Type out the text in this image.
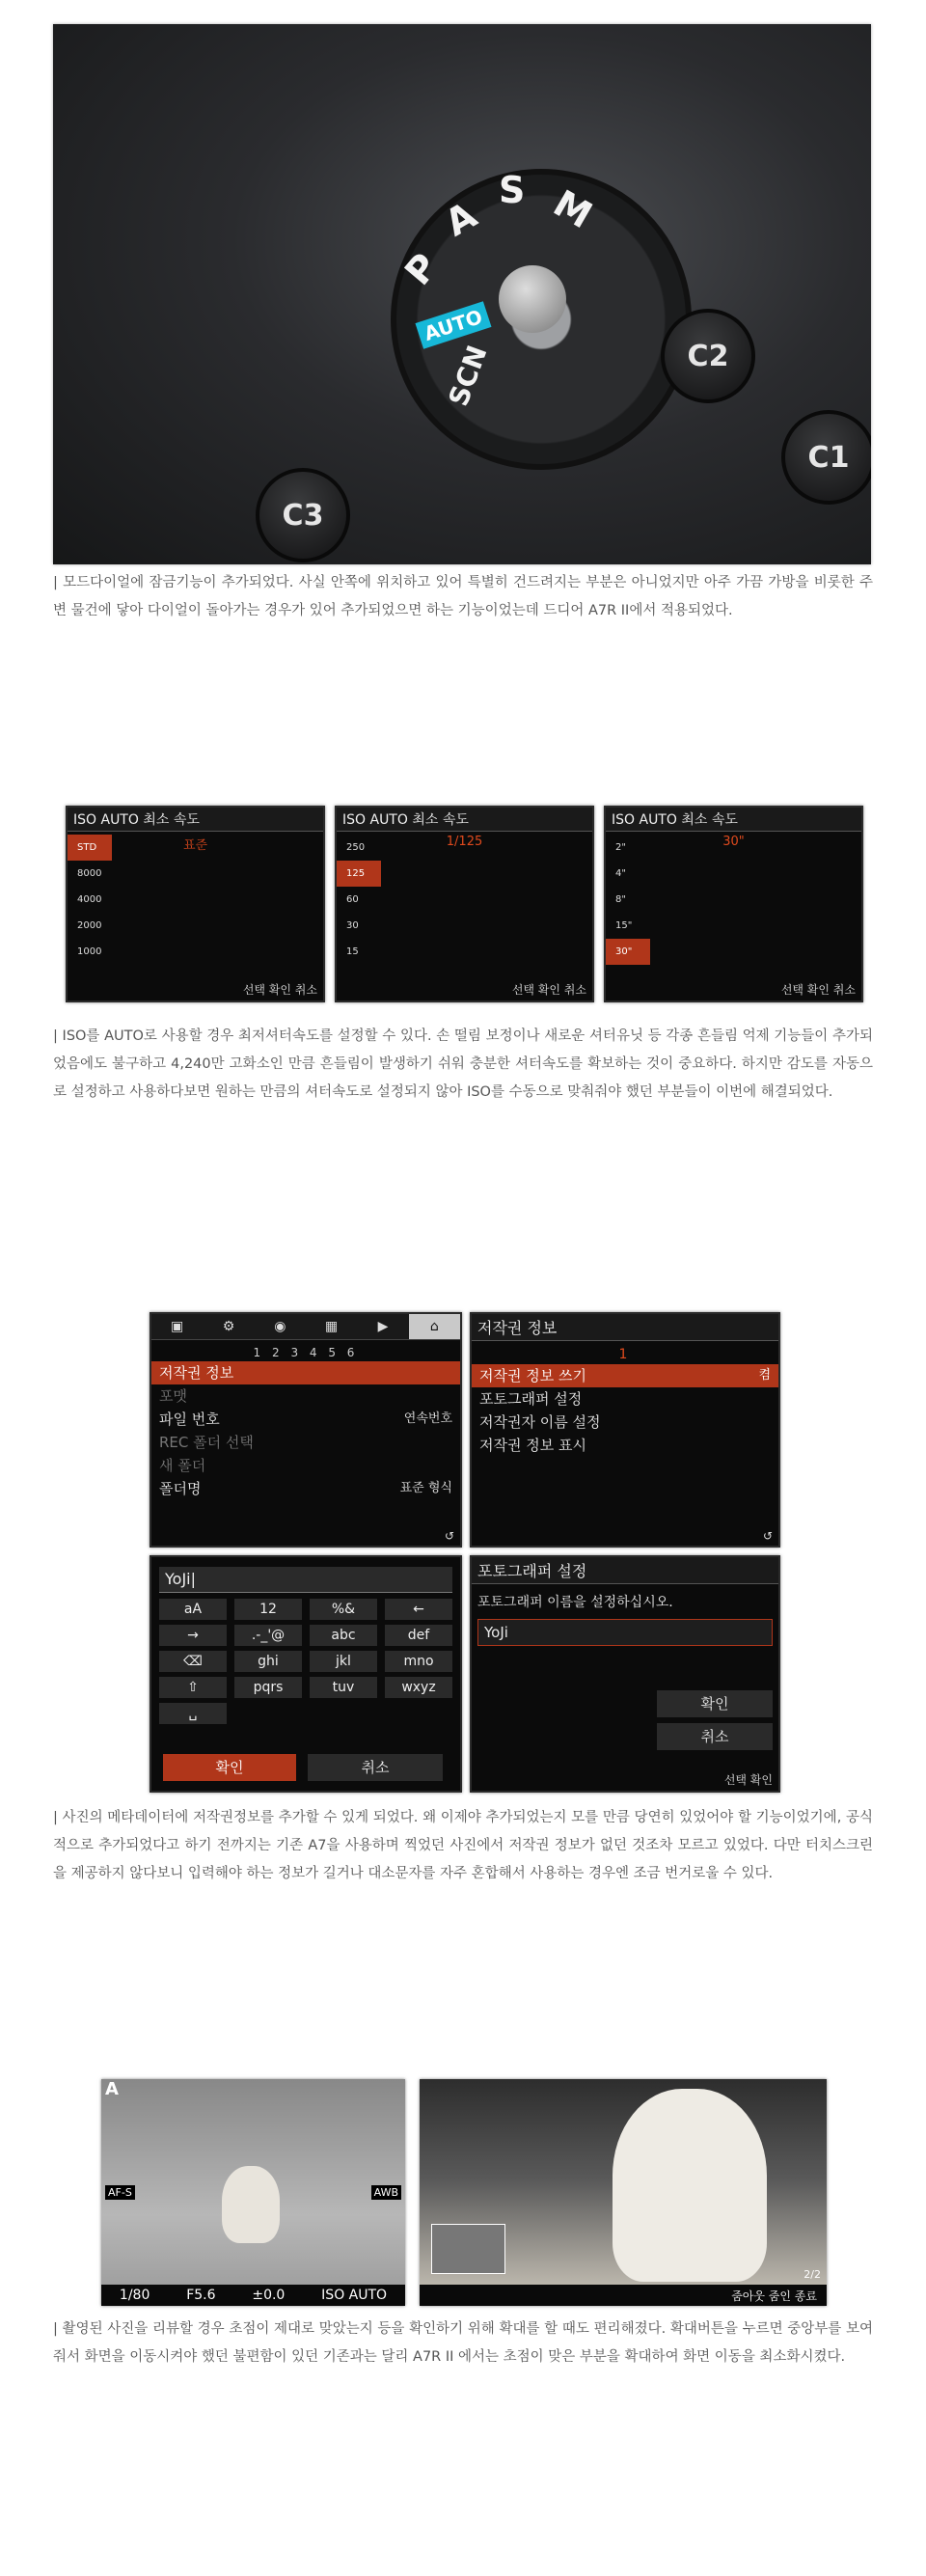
S M
A
P
AUTO
SCN	C2
C1
C3
| 모드다이얼에 잠금기능이 추가되었다. 사실 안쪽에 위치하고 있어 특별히 건드려지는 부분은 아니었지만 아주 가끔 가방을 비롯한 주변 물건에 닿아 다이얼이 돌아가는 경우가 있어 추가되었으면 하는 기능이었는데 드디어 A7R II에서 적용되었다.
ISO AUTO 최소 속도
표준
STD
8000
4000
2000
1000
선택 확인 취소
ISO AUTO 최소 속도
1/125
250
125
60
30
15
선택 확인 취소
ISO AUTO 최소 속도
30"
2"
4"
8"
15"
30"
선택 확인 취소
| ISO를 AUTO로 사용할 경우 최저셔터속도를 설정할 수 있다. 손 떨림 보정이나 새로운 셔터유닛 등 각종 흔들림 억제 기능들이 추가되었음에도 불구하고 4,240만 고화소인 만큼 흔들림이 발생하기 쉬워 충분한 셔터속도를 확보하는 것이 중요하다. 하지만 감도를 자동으로 설정하고 사용하다보면 원하는 만큼의 셔터속도로 설정되지 않아 ISO를 수동으로 맞춰줘야 했던 부분들이 이번에 해결되었다.
▣	⚙	◉	▦	▶	⌂
1 2 3 4 5 6
저작권 정보
포맷
파일 번호	연속번호
REC 폴더 선택
새 폴더
폴더명	표준 형식
↺
저작권 정보
1
저작권 정보 쓰기	켬
포토그래퍼 설정
저작권자 이름 설정
저작권 정보 표시
↺
YoJi|
aA	12	%&	←
→	.-_'@	abc	def
⌫	ghi	jkl	mno
⇧	pqrs	tuv	wxyz
␣
확인	취소
포토그래퍼 설정
포토그래퍼 이름을 설정하십시오.
YoJi
확인
취소
선택 확인
| 사진의 메타데이터에 저작권정보를 추가할 수 있게 되었다. 왜 이제야 추가되었는지 모를 만큼 당연히 있었어야 할 기능이었기에, 공식적으로 추가되었다고 하기 전까지는 기존 A7을 사용하며 찍었던 사진에서 저작권 정보가 없던 것조차 모르고 있었다. 다만 터치스크린을 제공하지 않다보니 입력해야 하는 정보가 길거나 대소문자를 자주 혼합해서 사용하는 경우엔 조금 번거로울 수 있다.
A
AF-S	AWB
1/80	F5.6	±0.0	ISO AUTO
2/2
줌아웃 줌인 종료
| 촬영된 사진을 리뷰할 경우 초점이 제대로 맞았는지 등을 확인하기 위해 확대를 할 때도 편리해졌다. 확대버튼을 누르면 중앙부를 보여줘서 화면을 이동시켜야 했던 불편함이 있던 기존과는 달리 A7R II 에서는 초점이 맞은 부분을 확대하여 화면 이동을 최소화시켰다.
